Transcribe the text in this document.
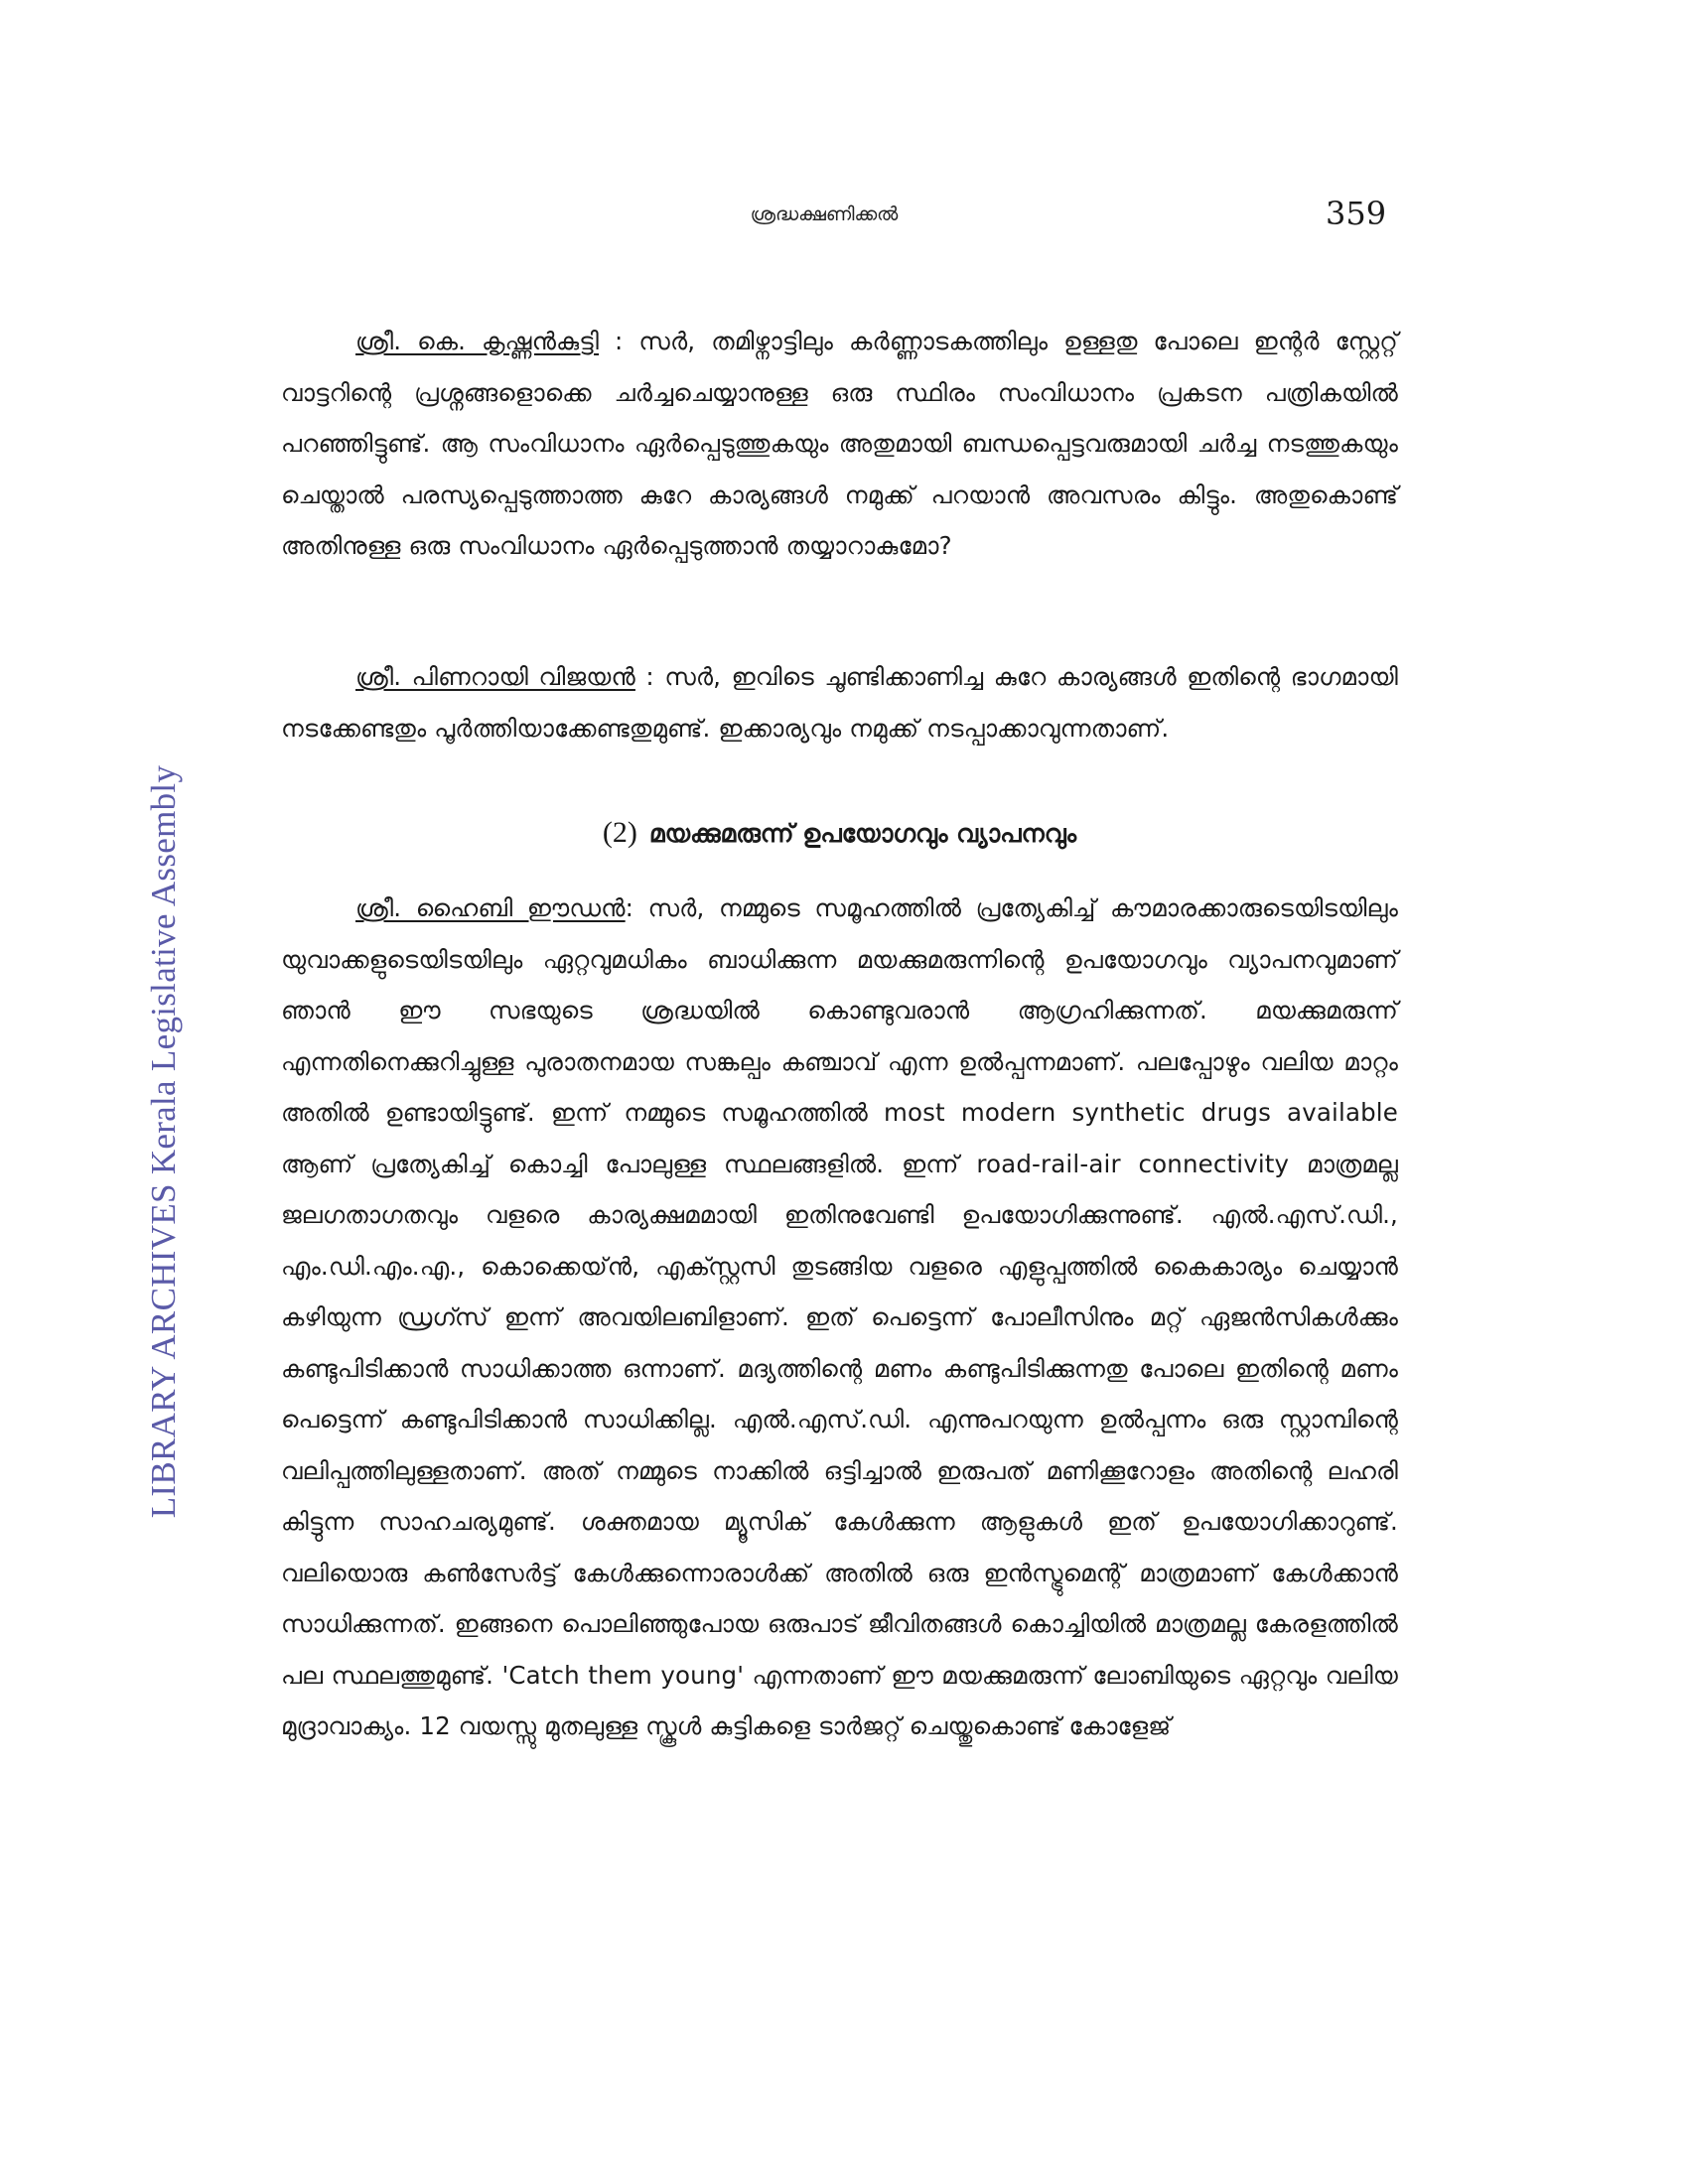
ശ്രദ്ധക്ഷണിക്കൽ	359
LIBRARY ARCHIVES Kerala Legislative Assembly

ശ്രീ. കെ. കൃഷ്ണൻകുട്ടി : സർ, തമിഴ്നാട്ടിലും കർണ്ണാടകത്തിലും ഉള്ളതു പോലെ ഇന്റർ സ്റ്റേറ്റ് വാട്ടറിന്റെ പ്രശ്നങ്ങളൊക്കെ ചർച്ചചെയ്യാനുള്ള ഒരു സ്ഥിരം സംവിധാനം പ്രകടന പത്രികയിൽ പറഞ്ഞിട്ടുണ്ട്. ആ സംവിധാനം ഏർപ്പെടുത്തുകയും അതുമായി ബന്ധപ്പെട്ടവരുമായി ചർച്ച നടത്തുകയും ചെയ്താൽ പരസ്യപ്പെടുത്താത്ത കുറേ കാര്യങ്ങൾ നമുക്ക് പറയാൻ അവസരം കിട്ടും. അതുകൊണ്ട് അതിനുള്ള ഒരു സംവിധാനം ഏർപ്പെടുത്താൻ തയ്യാറാകുമോ?

ശ്രീ. പിണറായി വിജയൻ : സർ, ഇവിടെ ചൂണ്ടിക്കാണിച്ച കുറേ കാര്യങ്ങൾ ഇതിന്റെ ഭാഗമായി നടക്കേണ്ടതും പൂർത്തിയാക്കേണ്ടതുമുണ്ട്. ഇക്കാര്യവും നമുക്ക് നടപ്പാക്കാവുന്നതാണ്.

(2) മയക്കുമരുന്ന് ഉപയോഗവും വ്യാപനവും

ശ്രീ. ഹൈബി ഈഡൻ: സർ, നമ്മുടെ സമൂഹത്തിൽ പ്രത്യേകിച്ച് കൗമാരക്കാരുടെയിടയിലും യുവാക്കളുടെയിടയിലും ഏറ്റവുമധികം ബാധിക്കുന്ന മയക്കുമരുന്നിന്റെ ഉപയോഗവും വ്യാപനവുമാണ് ഞാൻ ഈ സഭയുടെ ശ്രദ്ധയിൽ കൊണ്ടുവരാൻ ആഗ്രഹിക്കുന്നത്. മയക്കുമരുന്ന് എന്നതിനെക്കുറിച്ചുള്ള പുരാതനമായ സങ്കല്പം കഞ്ചാവ് എന്ന ഉൽപ്പന്നമാണ്. പലപ്പോഴും വലിയ മാറ്റം അതിൽ ഉണ്ടായിട്ടുണ്ട്. ഇന്ന് നമ്മുടെ സമൂഹത്തിൽ most modern synthetic drugs available ആണ് പ്രത്യേകിച്ച് കൊച്ചി പോലുള്ള സ്ഥലങ്ങളിൽ. ഇന്ന് road-rail-air connectivity മാത്രമല്ല ജലഗതാഗതവും വളരെ കാര്യക്ഷമമായി ഇതിനുവേണ്ടി ഉപയോഗിക്കുന്നുണ്ട്. എൽ.എസ്.ഡി., എം.ഡി.എം.എ., കൊക്കെയ്ൻ, എക്സ്റ്റസി തുടങ്ങിയ വളരെ എളുപ്പത്തിൽ കൈകാര്യം ചെയ്യാൻ കഴിയുന്ന ഡ്രഗ്സ് ഇന്ന് അവയിലബിളാണ്. ഇത് പെട്ടെന്ന് പോലീസിനും മറ്റ് ഏജൻസികൾക്കും കണ്ടുപിടിക്കാൻ സാധിക്കാത്ത ഒന്നാണ്. മദ്യത്തിന്റെ മണം കണ്ടുപിടിക്കുന്നതു പോലെ ഇതിന്റെ മണം പെട്ടെന്ന് കണ്ടുപിടിക്കാൻ സാധിക്കില്ല. എൽ.എസ്.ഡി. എന്നുപറയുന്ന ഉൽപ്പന്നം ഒരു സ്റ്റാമ്പിന്റെ വലിപ്പത്തിലുള്ളതാണ്. അത് നമ്മുടെ നാക്കിൽ ഒട്ടിച്ചാൽ ഇരുപത് മണിക്കൂറോളം അതിന്റെ ലഹരി കിട്ടുന്ന സാഹചര്യമുണ്ട്. ശക്തമായ മ്യൂസിക് കേൾക്കുന്ന ആളുകൾ ഇത് ഉപയോഗിക്കാറുണ്ട്. വലിയൊരു കൺസേർട്ട് കേൾക്കുന്നൊരാൾക്ക് അതിൽ ഒരു ഇൻസ്ട്രുമെന്റ് മാത്രമാണ് കേൾക്കാൻ സാധിക്കുന്നത്. ഇങ്ങനെ പൊലിഞ്ഞുപോയ ഒരുപാട് ജീവിതങ്ങൾ കൊച്ചിയിൽ മാത്രമല്ല കേരളത്തിൽ പല സ്ഥലത്തുമുണ്ട്. 'Catch them young' എന്നതാണ് ഈ മയക്കുമരുന്ന് ലോബിയുടെ ഏറ്റവും വലിയ മുദ്രാവാക്യം. 12 വയസ്സു മുതലുള്ള സ്കൂൾ കുട്ടികളെ ടാർജറ്റ് ചെയ്തുകൊണ്ട് കോളേജ്
